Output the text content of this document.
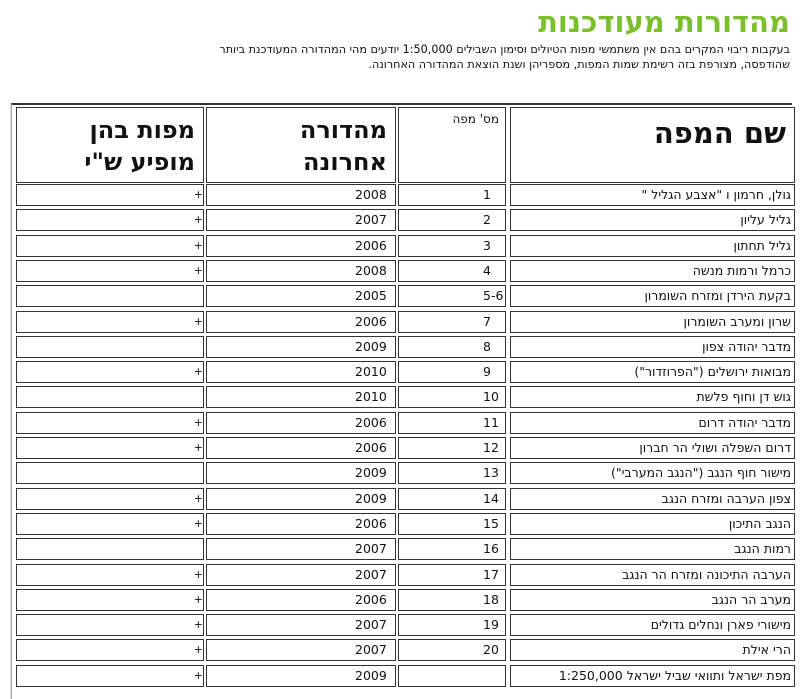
מהדורות מעודכנות

בעקבות ריבוי המקרים בהם אין משתמשי מפות הטיולים וסימון השבילים 1:50,000 יודעים מהי המהדורה המעודכנת ביותר
שהודפסה, מצורפת בזה רשימת שמות המפות, מספריהן ושנת הוצאת המהדורה האחרונה.

שם המפה
מס' מפה
מהדורה
אחרונה
מפות בהן
מופיע ש"י
גולן, חרמון ו "אצבע הגליל "
1
2008
+
גליל עליון
2
2007
+
גליל תחתון
3
2006
+
כרמל ורמות מנשה
4
2008
+
בקעת הירדן ומזרח השומרון
5-6
2005
שרון ומערב השומרון
7
2006
+
מדבר יהודה צפון
8
2009
מבואות ירושלים ("הפרוזדור")
9
2010
+
גוש דן וחוף פלשת
10
2010
מדבר יהודה דרום
11
2006
+
דרום השפלה ושולי הר חברון
12
2006
+
מישור חוף הנגב ("הנגב המערבי")
13
2009
צפון הערבה ומזרח הנגב
14
2009
+
הנגב התיכון
15
2006
+
רמות הנגב
16
2007
הערבה התיכונה ומזרח הר הנגב
17
2007
+
מערב הר הנגב
18
2006
+
מישורי פארן ונחלים גדולים
19
2007
+
הרי אילת
20
2007
+
מפת ישראל ותוואי שביל ישראל 1:250,000
2009
+
